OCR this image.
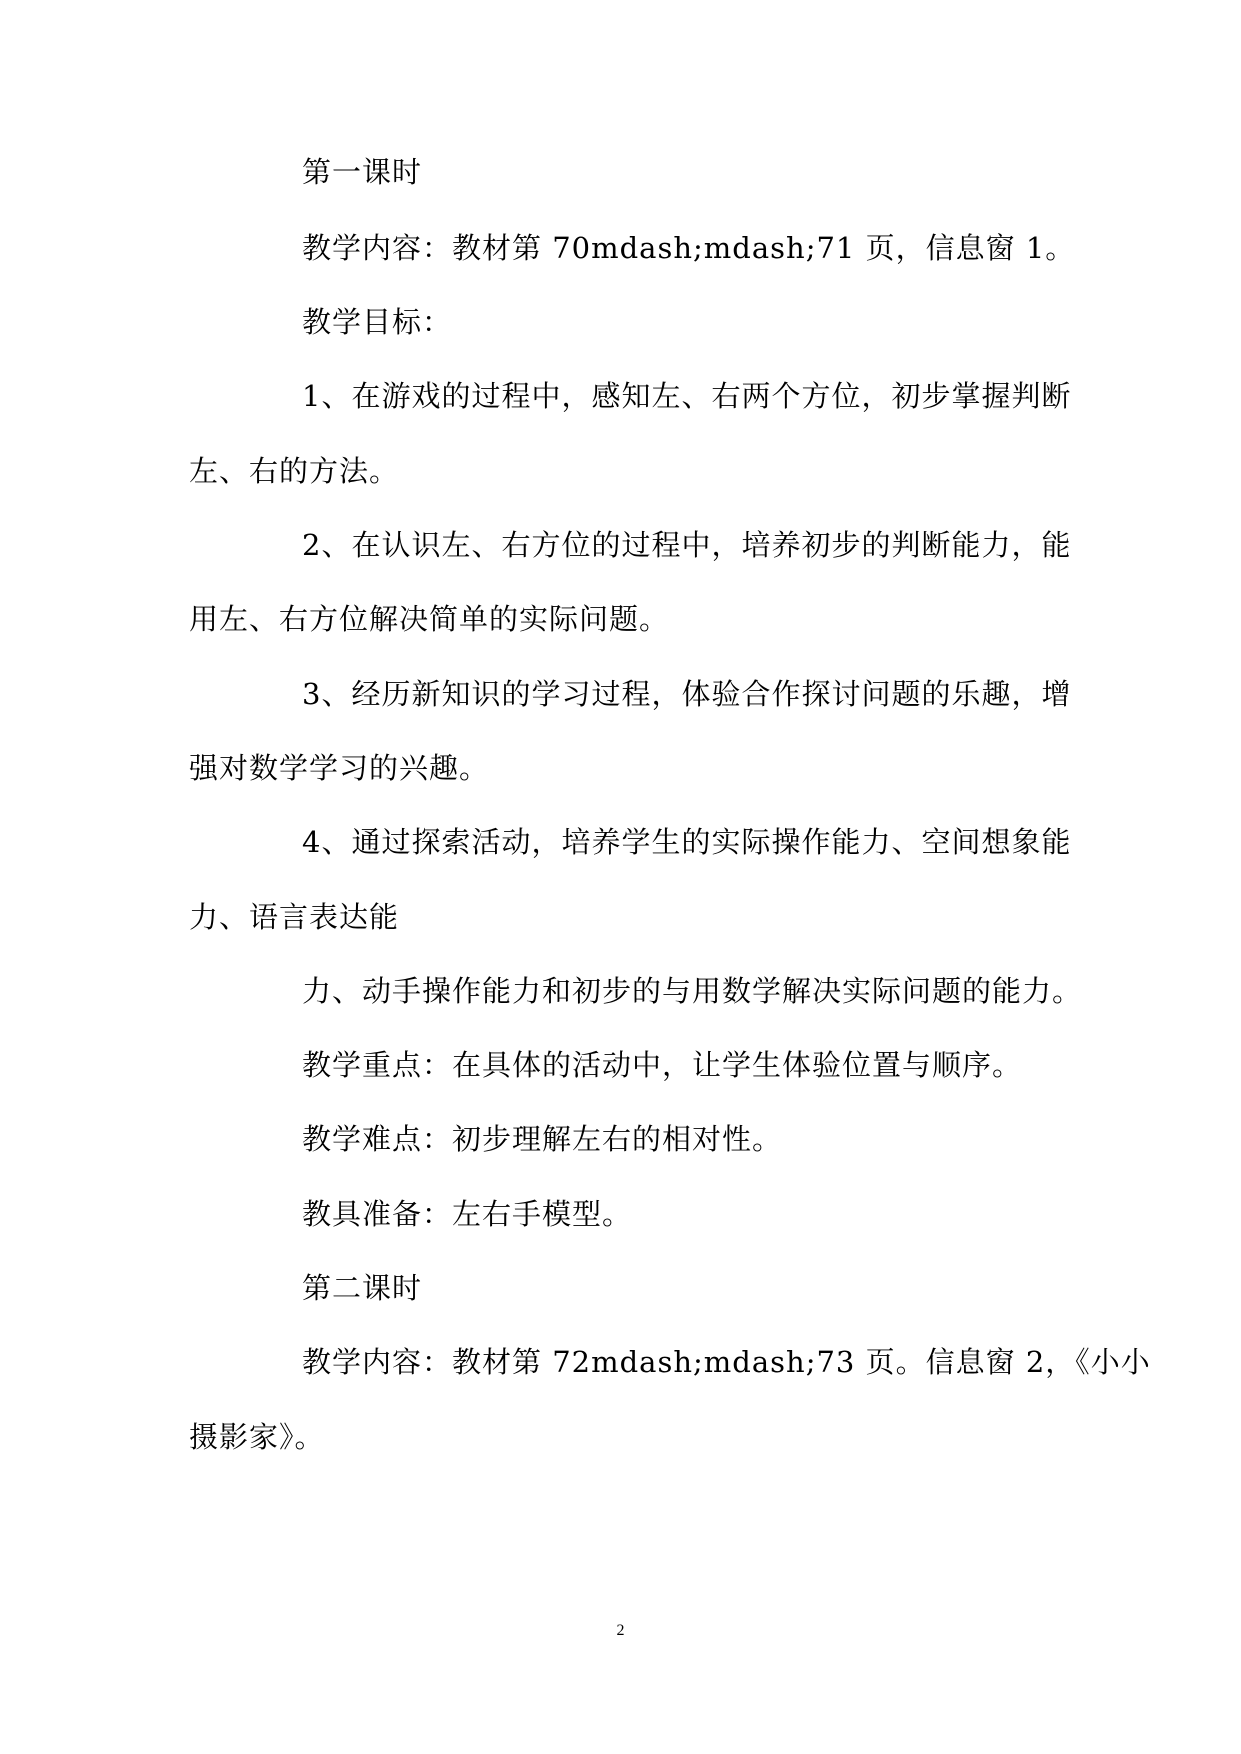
第一课时
教学内容：教材第 70mdash;mdash;71 页，信息窗 1。
教学目标：
1、在游戏的过程中，感知左、右两个方位，初步掌握判断
左、右的方法。
2、在认识左、右方位的过程中，培养初步的判断能力，能
用左、右方位解决简单的实际问题。
3、经历新知识的学习过程，体验合作探讨问题的乐趣，增
强对数学学习的兴趣。
4、通过探索活动，培养学生的实际操作能力、空间想象能
力、语言表达能
力、动手操作能力和初步的与用数学解决实际问题的能力。
教学重点：在具体的活动中，让学生体验位置与顺序。
教学难点：初步理解左右的相对性。
教具准备：左右手模型。
第二课时
教学内容：教材第 72mdash;mdash;73 页。信息窗 2，《小小
摄影家》。
2
